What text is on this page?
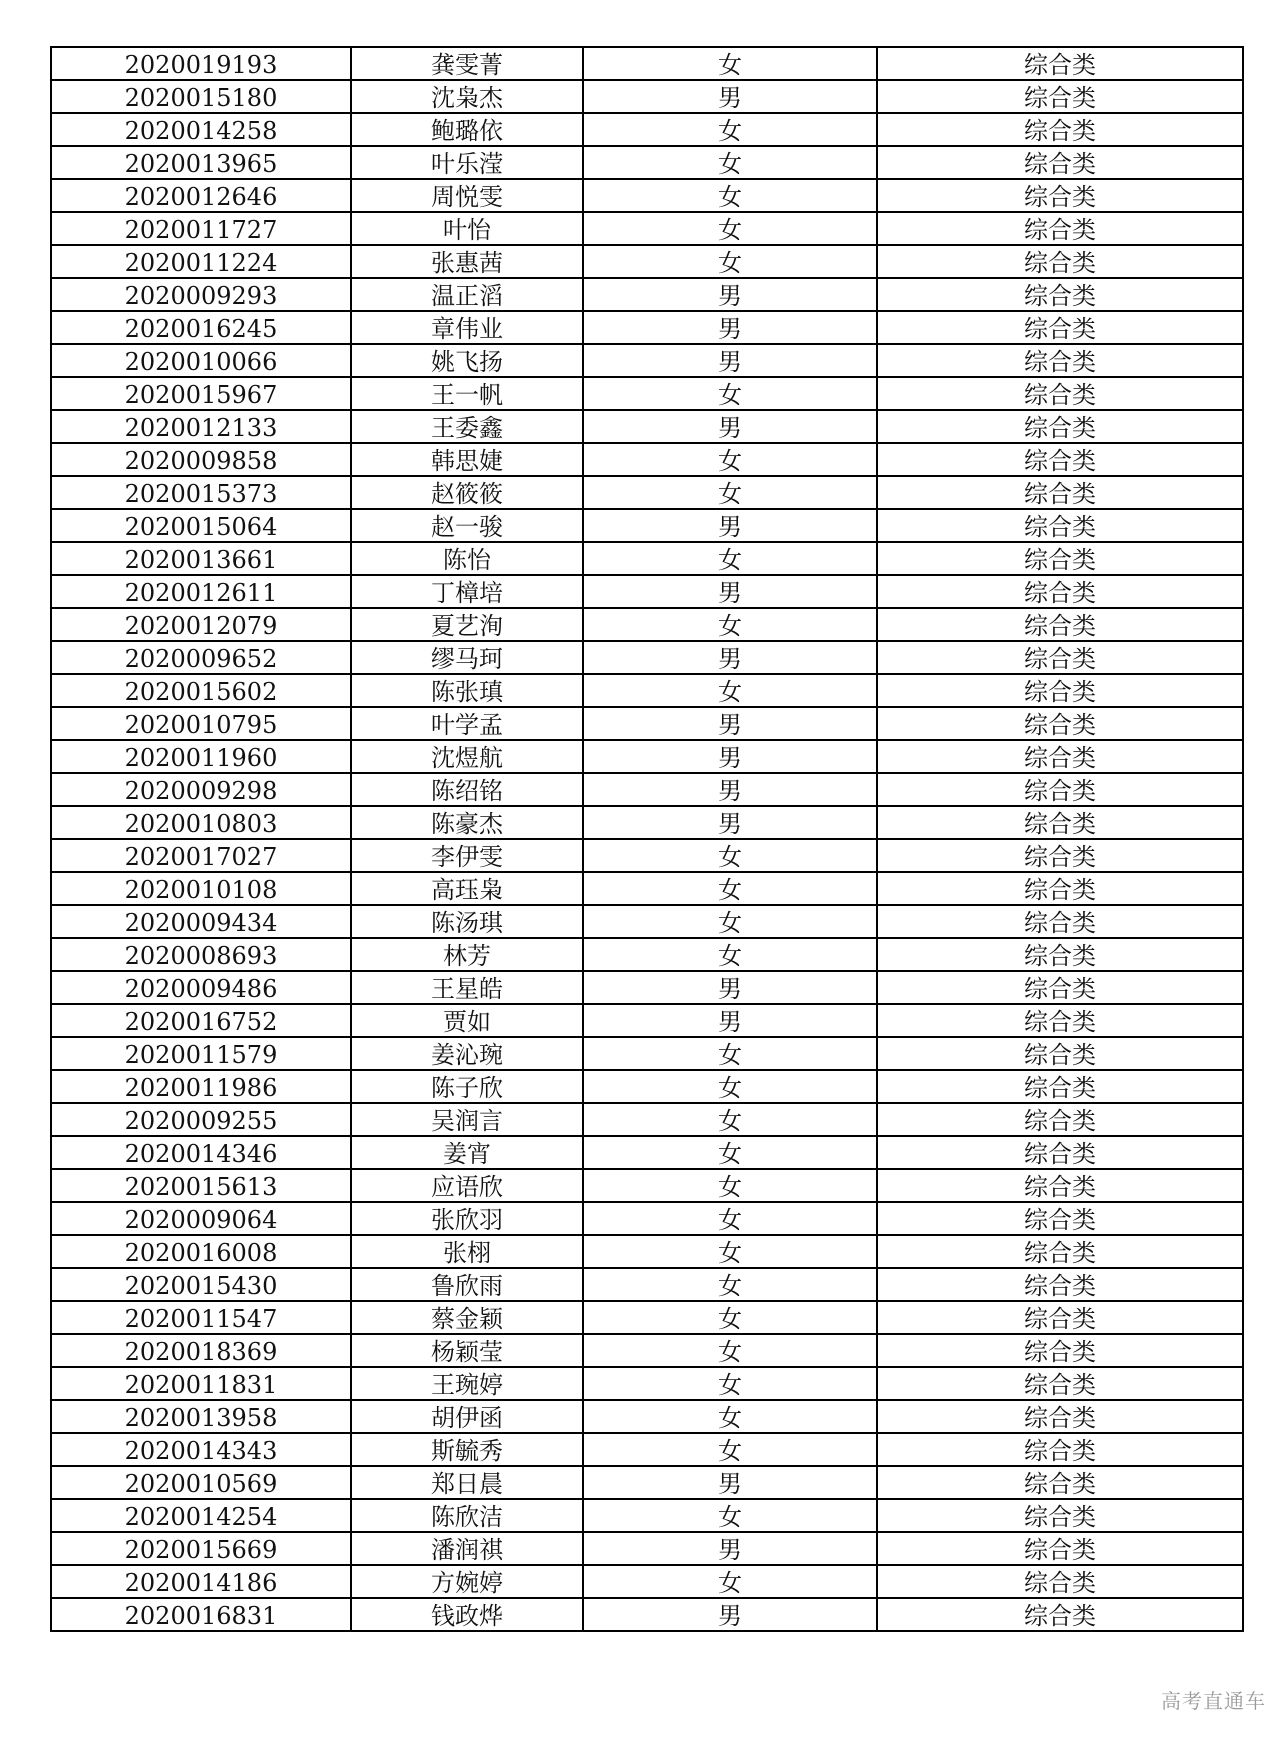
2020019193	龚雯菁	女	综合类
2020015180	沈枭杰	男	综合类
2020014258	鲍璐依	女	综合类
2020013965	叶乐滢	女	综合类
2020012646	周悦雯	女	综合类
2020011727	叶怡	女	综合类
2020011224	张惠茜	女	综合类
2020009293	温正滔	男	综合类
2020016245	章伟业	男	综合类
2020010066	姚飞扬	男	综合类
2020015967	王一帆	女	综合类
2020012133	王委鑫	男	综合类
2020009858	韩思婕	女	综合类
2020015373	赵筱筱	女	综合类
2020015064	赵一骏	男	综合类
2020013661	陈怡	女	综合类
2020012611	丁樟培	男	综合类
2020012079	夏艺洵	女	综合类
2020009652	缪马珂	男	综合类
2020015602	陈张瑱	女	综合类
2020010795	叶学孟	男	综合类
2020011960	沈煜航	男	综合类
2020009298	陈绍铭	男	综合类
2020010803	陈豪杰	男	综合类
2020017027	李伊雯	女	综合类
2020010108	高珏枭	女	综合类
2020009434	陈汤琪	女	综合类
2020008693	林芳	女	综合类
2020009486	王星皓	男	综合类
2020016752	贾如	男	综合类
2020011579	姜沁琬	女	综合类
2020011986	陈子欣	女	综合类
2020009255	吴润言	女	综合类
2020014346	姜宵	女	综合类
2020015613	应语欣	女	综合类
2020009064	张欣羽	女	综合类
2020016008	张栩	女	综合类
2020015430	鲁欣雨	女	综合类
2020011547	蔡金颖	女	综合类
2020018369	杨颖莹	女	综合类
2020011831	王琬婷	女	综合类
2020013958	胡伊函	女	综合类
2020014343	斯毓秀	女	综合类
2020010569	郑日晨	男	综合类
2020014254	陈欣洁	女	综合类
2020015669	潘润祺	男	综合类
2020014186	方婉婷	女	综合类
2020016831	钱政烨	男	综合类
高考直通车
